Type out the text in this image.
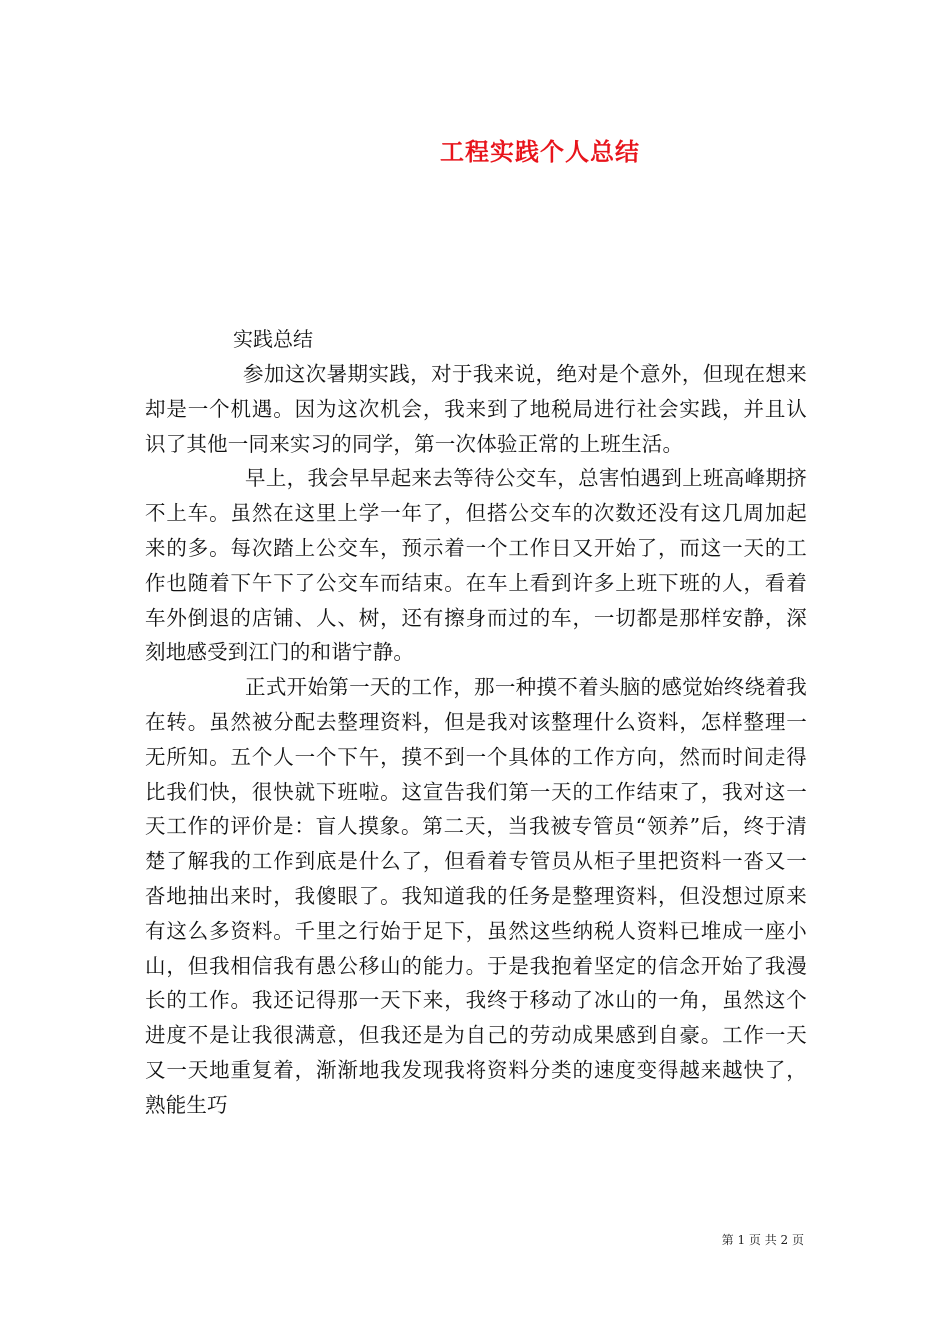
工程实践个人总结
实践总结

参加这次暑期实践，对于我来说，绝对是个意外，但现在想来却是一个机遇。因为这次机会，我来到了地税局进行社会实践，并且认识了其他一同来实习的同学，第一次体验正常的上班生活。

早上，我会早早起来去等待公交车，总害怕遇到上班高峰期挤不上车。虽然在这里上学一年了，但搭公交车的次数还没有这几周加起来的多。每次踏上公交车，预示着一个工作日又开始了，而这一天的工作也随着下午下了公交车而结束。在车上看到许多上班下班的人，看着车外倒退的店铺、人、树，还有擦身而过的车，一切都是那样安静，深刻地感受到江门的和谐宁静。

正式开始第一天的工作，那一种摸不着头脑的感觉始终绕着我在转。虽然被分配去整理资料，但是我对该整理什么资料，怎样整理一无所知。五个人一个下午，摸不到一个具体的工作方向，然而时间走得比我们快，很快就下班啦。这宣告我们第一天的工作结束了，我对这一天工作的评价是：盲人摸象。第二天，当我被专管员“领养”后，终于清楚了解我的工作到底是什么了，但看着专管员从柜子里把资料一沓又一沓地抽出来时，我傻眼了。我知道我的任务是整理资料，但没想过原来有这么多资料。千里之行始于足下，虽然这些纳税人资料已堆成一座小山，但我相信我有愚公移山的能力。于是我抱着坚定的信念开始了我漫长的工作。我还记得那一天下来，我终于移动了冰山的一角，虽然这个进度不是让我很满意，但我还是为自己的劳动成果感到自豪。工作一天又一天地重复着，渐渐地我发现我将资料分类的速度变得越来越快了，熟能生巧

第 1 页 共 2 页
